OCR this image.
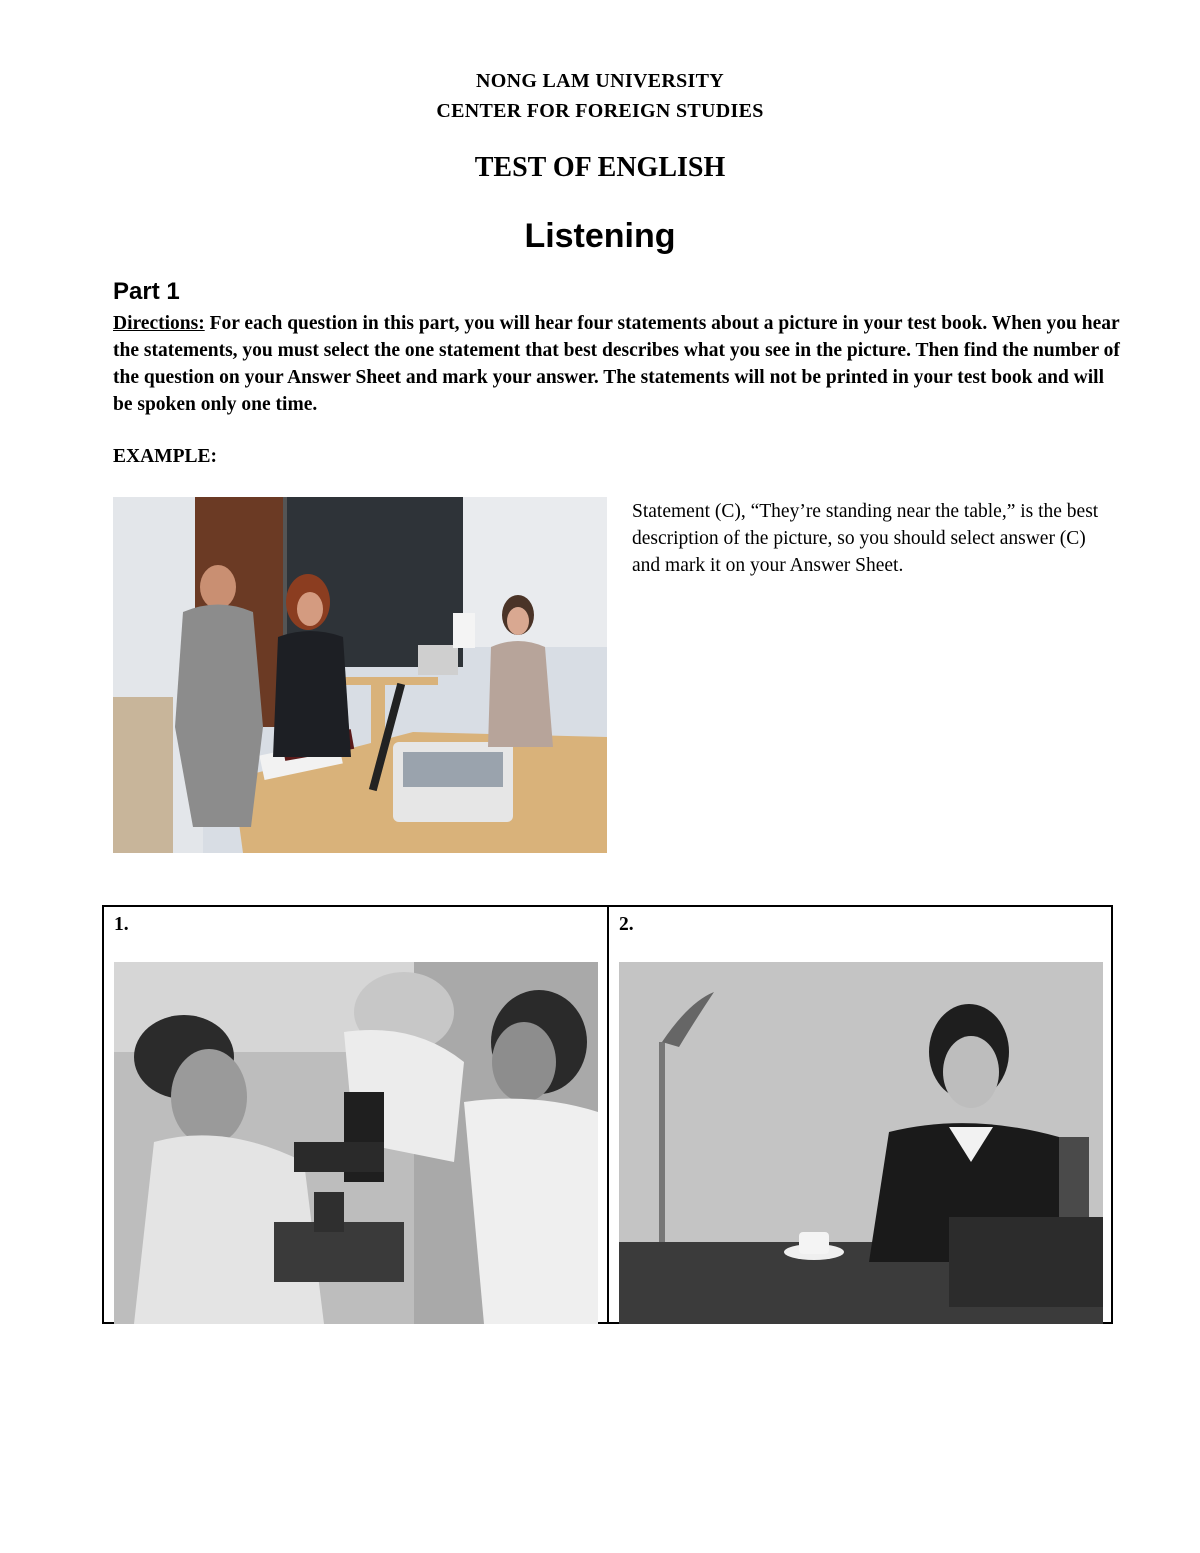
NONG LAM UNIVERSITY
CENTER FOR FOREIGN STUDIES
TEST OF ENGLISH
Listening
Part 1
Directions: For each question in this part, you will hear four statements about a picture in your test book. When you hear the statements, you must select the one statement that best describes what you see in the picture. Then find the number of the question on your Answer Sheet and mark your answer. The statements will not be printed in your test book and will be spoken only one time.
EXAMPLE:
Statement (C), “They’re standing near the table,” is the best description of the picture, so you should select answer (C) and mark it on your Answer Sheet.
1.	2.
